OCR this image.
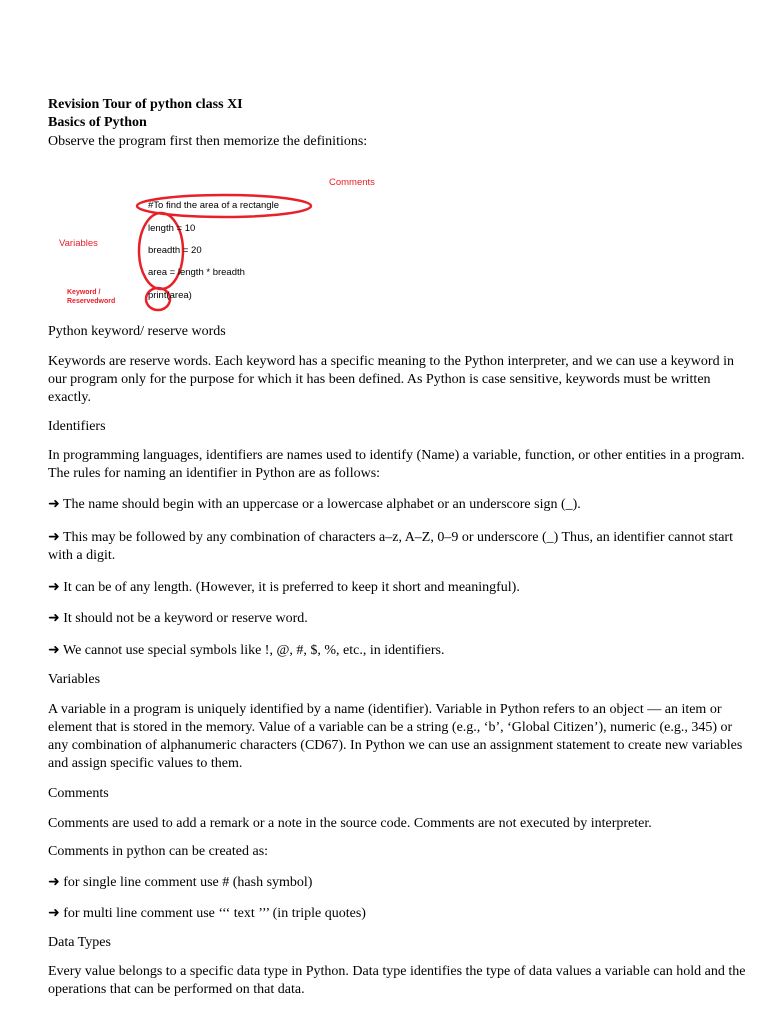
Revision Tour of python class XI
Basics of Python
Observe the program first then memorize the definitions:
Comments
Variables
Keyword /
Reservedword
#To find the area of a rectangle
length = 10
breadth = 20
area = length * breadth
print(area)
Python keyword/ reserve words
Keywords are reserve words. Each keyword has a specific meaning to the Python interpreter, and we can use a keyword in our program only for the purpose for which it has been defined. As Python is case sensitive, keywords must be written exactly.
Identifiers
In programming languages, identifiers are names used to identify (Name) a variable, function, or other entities in a program. The rules for naming an identifier in Python are as follows:
➜ The name should begin with an uppercase or a lowercase alphabet or an underscore sign (_).
➜ This may be followed by any combination of characters a–z, A–Z, 0–9 or underscore (_) Thus, an identifier cannot start with a digit.
➜ It can be of any length. (However, it is preferred to keep it short and meaningful).
➜ It should not be a keyword or reserve word.
➜ We cannot use special symbols like !, @, #, $, %, etc., in identifiers.
Variables
A variable in a program is uniquely identified by a name (identifier). Variable in Python refers to an object — an item or element that is stored in the memory. Value of a variable can be a string (e.g., ‘b’, ‘Global Citizen’), numeric (e.g., 345) or any combination of alphanumeric characters (CD67). In Python we can use an assignment statement to create new variables and assign specific values to them.
Comments
Comments are used to add a remark or a note in the source code. Comments are not executed by interpreter.
Comments in python can be created as:
➜ for single line comment use # (hash symbol)
➜ for multi line comment use ‘‘‘ text ’’’ (in triple quotes)
Data Types
Every value belongs to a specific data type in Python. Data type identifies the type of data values a variable can hold and the operations that can be performed on that data.
